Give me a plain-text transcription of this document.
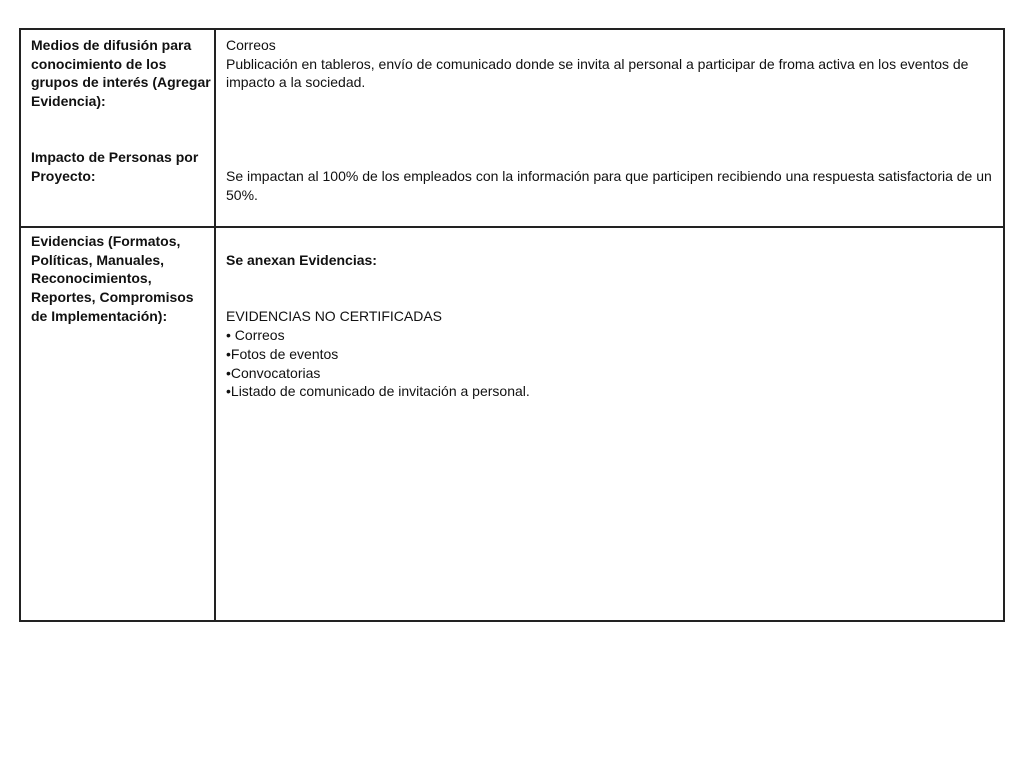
Medios de difusión para conocimiento de los grupos de interés (Agregar Evidencia):

Impacto de Personas por Proyecto:

Correos

Publicación en tableros, envío de comunicado donde se invita al personal a participar de froma activa en los eventos de impacto a la sociedad.

Se impactan al 100% de los empleados con la información para que participen recibiendo una respuesta satisfactoria de un 50%.

Evidencias (Formatos, Políticas, Manuales, Reconocimientos, Reportes, Compromisos de Implementación):

Se anexan Evidencias:

EVIDENCIAS NO CERTIFICADAS

• Correos

•Fotos de eventos

•Convocatorias

•Listado de comunicado de invitación a personal.
